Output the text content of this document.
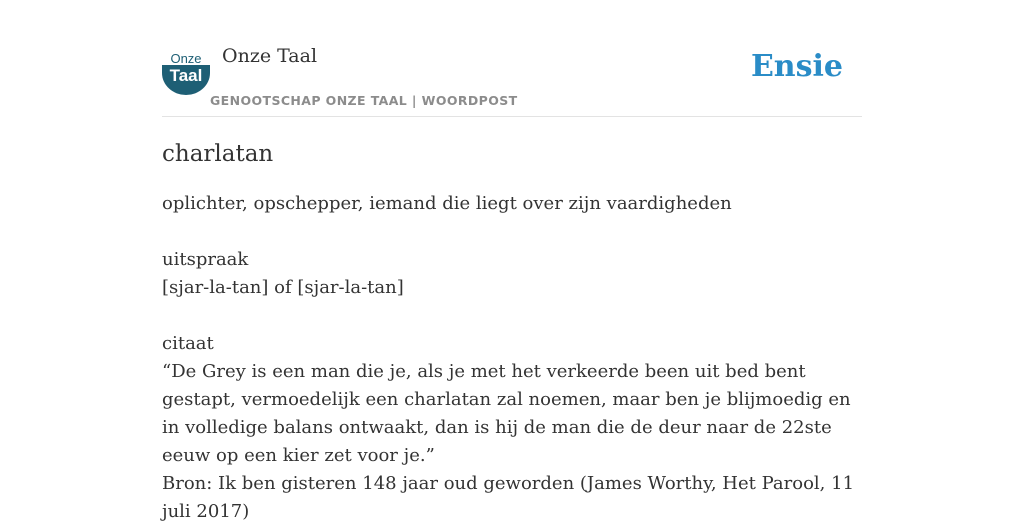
Onze
Taal
Onze Taal
GENOOTSCHAP ONZE TAAL | WOORDPOST
Ensie
charlatan

oplichter, opschepper, iemand die liegt over zijn vaardigheden

uitspraak

[sjar-la-tan] of [sjar-la-tan]

citaat

“De Grey is een man die je, als je met het verkeerde been uit bed bent gestapt, vermoedelijk een charlatan zal noemen, maar ben je blijmoedig en in volledige balans ontwaakt, dan is hij de man die de deur naar de 22ste eeuw op een kier zet voor je.”

Bron: Ik ben gisteren 148 jaar oud geworden (James Worthy, Het Parool, 11 juli 2017)
